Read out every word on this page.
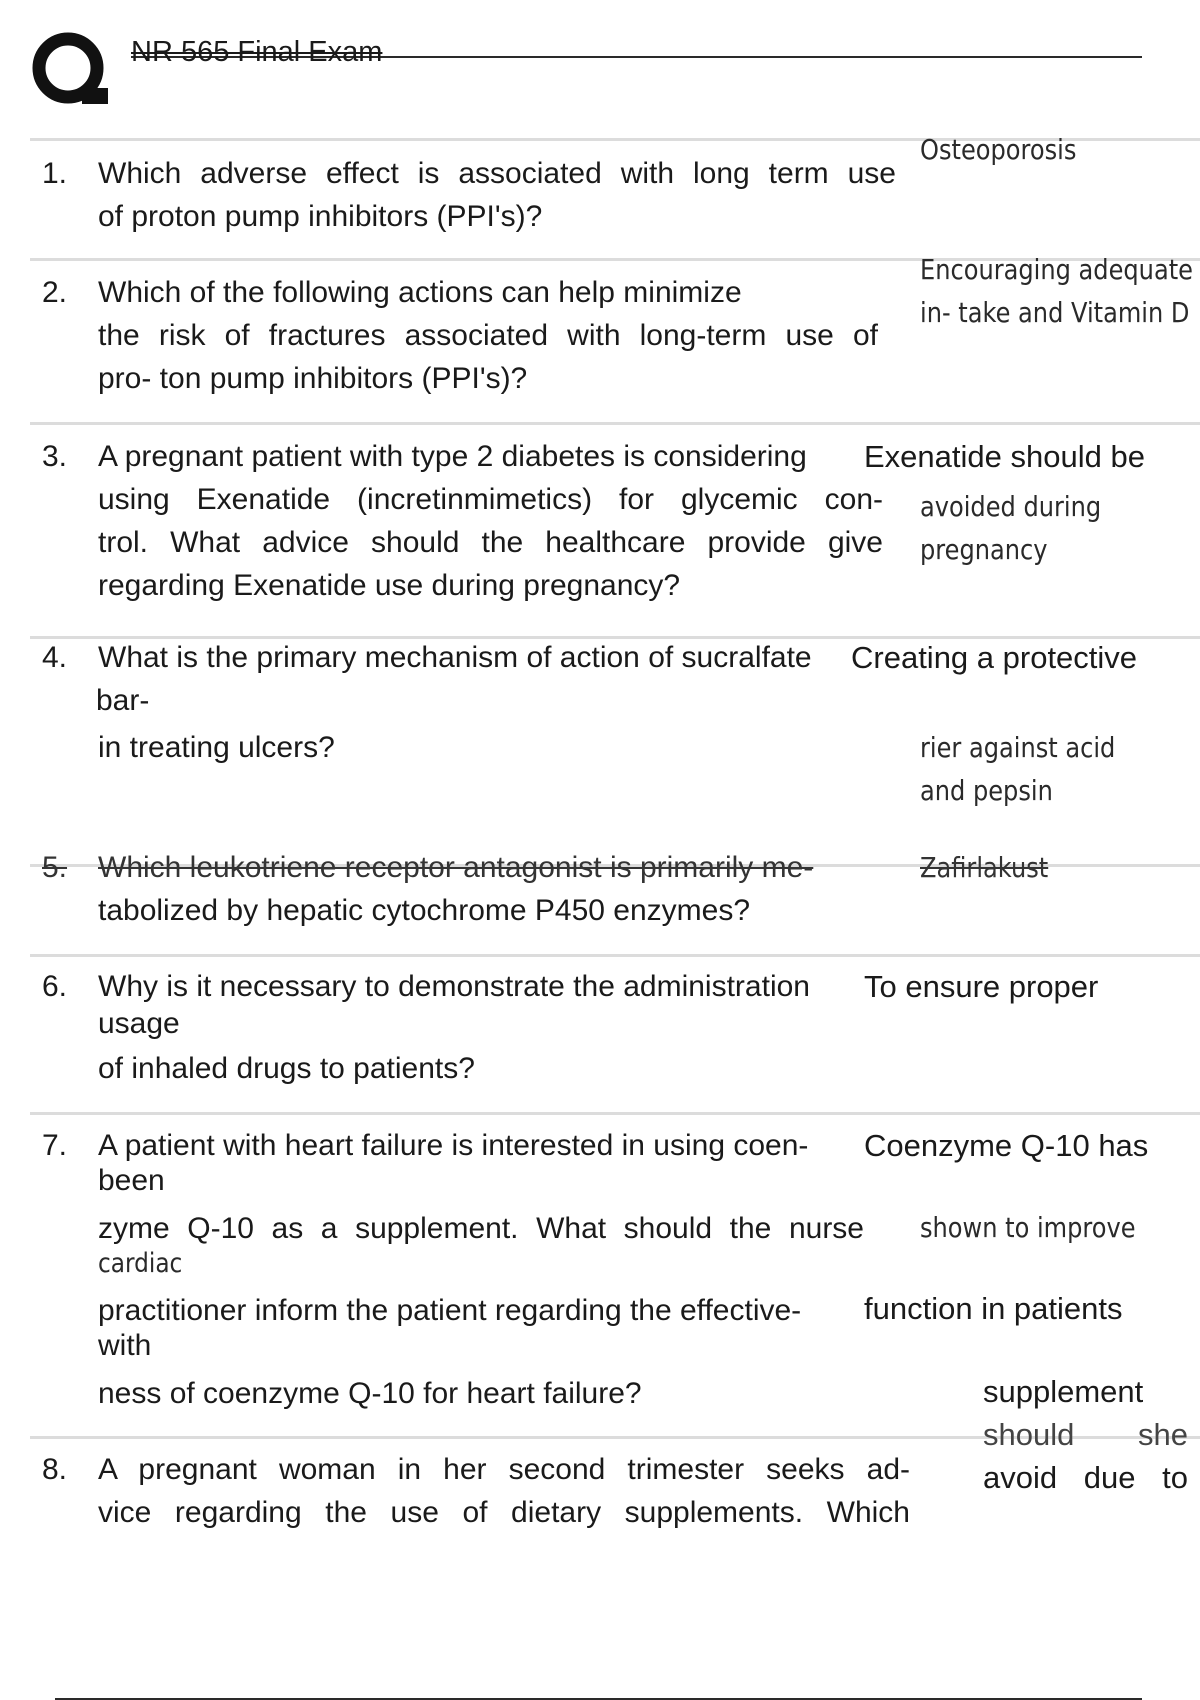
NR 565 Final Exam
1. Which adverse effect is associated with long term use
of proton pump inhibitors (PPI's)?
Osteoporosis
2. Which of the following actions can help minimize
the risk of fractures associated with long-term use of
pro- ton pump inhibitors (PPI's)?
Encouraging adequate
in- take and Vitamin D
3. A pregnant patient with type 2 diabetes is considering
using Exenatide (incretinmimetics) for glycemic con-
trol. What advice should the healthcare provide give
regarding Exenatide use during pregnancy?
Exenatide should be
avoided during
pregnancy
4. What is the primary mechanism of action of sucralfate
bar-
in treating ulcers?
Creating a protective
rier against acid
and pepsin
5. Which leukotriene receptor antagonist is primarily me-
tabolized by hepatic cytochrome P450 enzymes?
Zafirlakust
6. Why is it necessary to demonstrate the administration
usage
of inhaled drugs to patients?
To ensure proper
7. A patient with heart failure is interested in using coen-
been
zyme Q-10 as a supplement. What should the nurse
cardiac
practitioner inform the patient regarding the effective-
with
ness of coenzyme Q-10 for heart failure?
Coenzyme Q-10 has
shown to improve
function in patients
8. A pregnant woman in her second trimester seeks ad-
vice regarding the use of dietary supplements. Which
supplement
should she
avoid due to
